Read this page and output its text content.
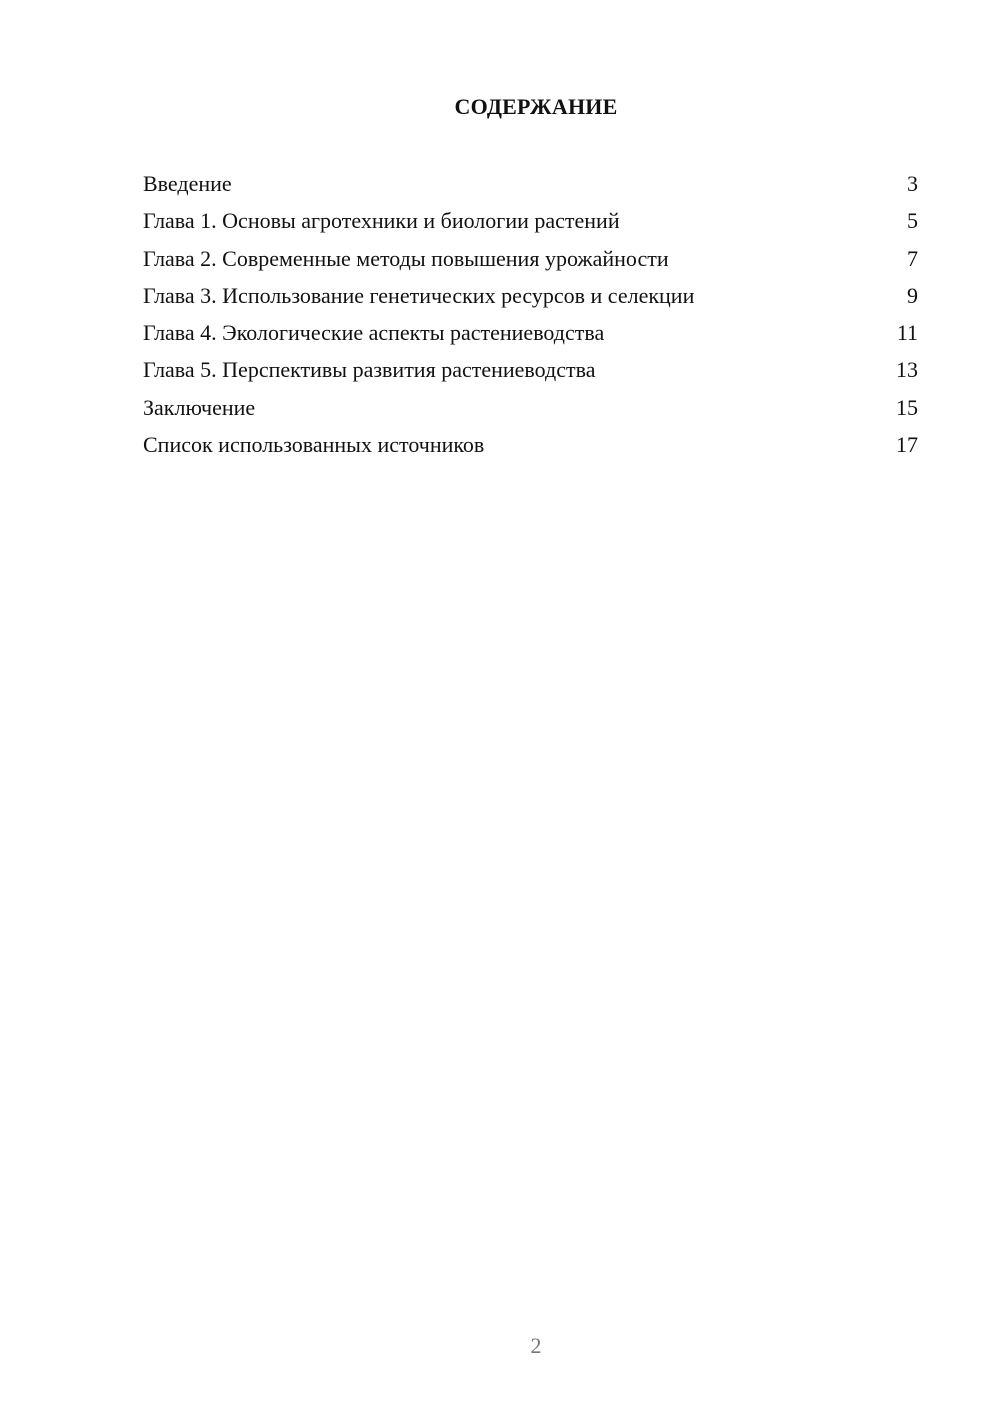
СОДЕРЖАНИЕ
Введение	3
Глава 1. Основы агротехники и биологии растений	5
Глава 2. Современные методы повышения урожайности	7
Глава 3. Использование генетических ресурсов и селекции	9
Глава 4. Экологические аспекты растениеводства	11
Глава 5. Перспективы развития растениеводства	13
Заключение	15
Список использованных источников	17
2
